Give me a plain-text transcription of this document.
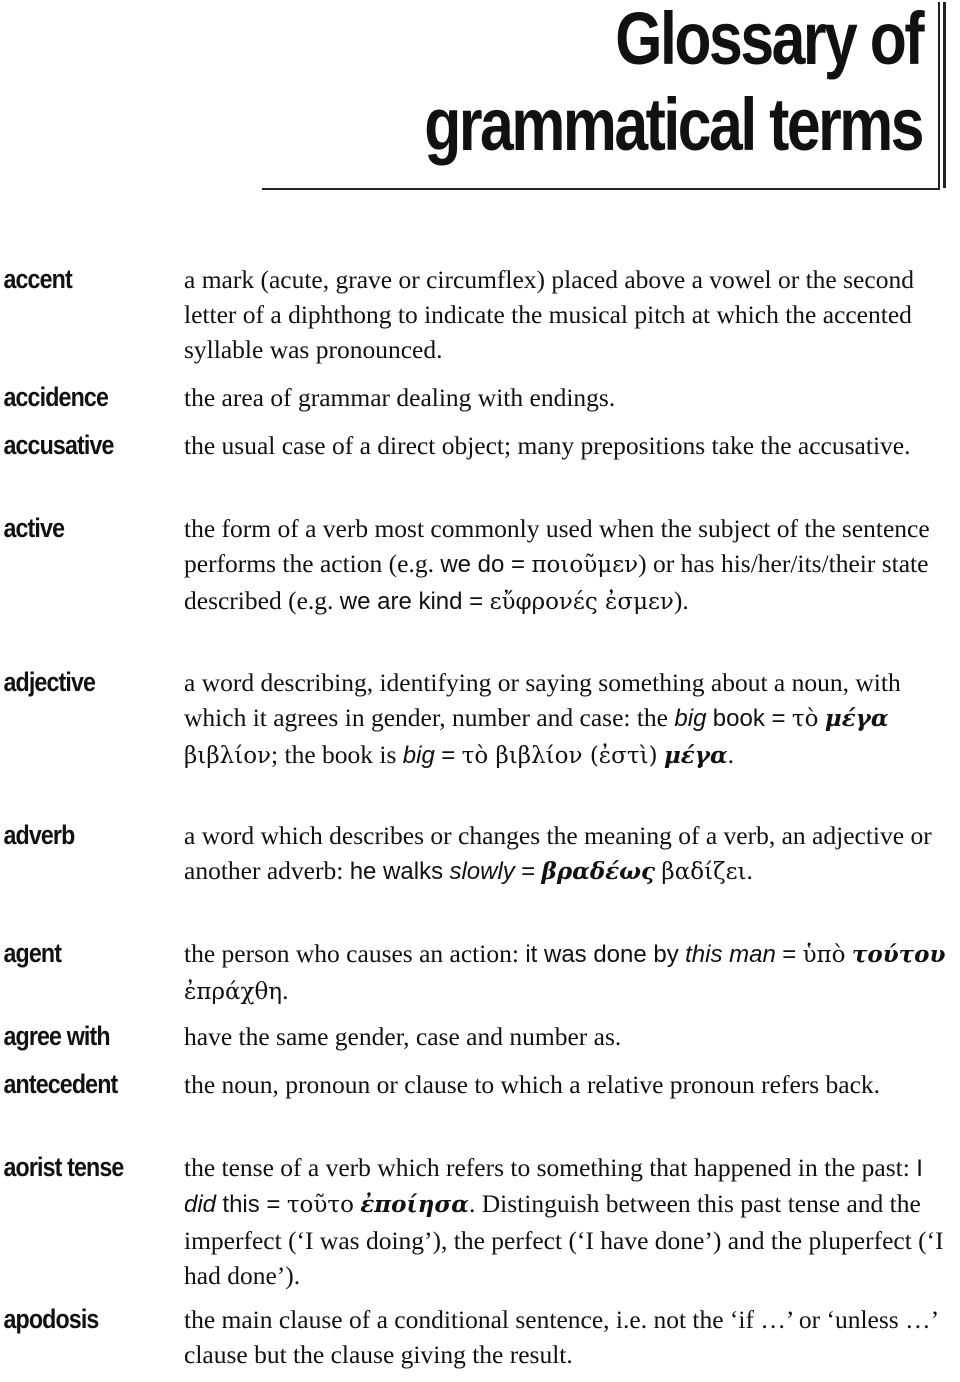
Glossary of
grammatical terms
accent	a mark (acute, grave or circumflex) placed above a vowel or the second letter of a diphthong to indicate the musical pitch at which the accented syllable was pronounced.
accidence	the area of grammar dealing with endings.
accusative	the usual case of a direct object; many prepositions take the accusative.
active	the form of a verb most commonly used when the subject of the sentence performs the action (e.g. we do = ποιοῦμεν) or has his/her/its/their state described (e.g. we are kind = εὔφρονές ἐσμεν).
adjective	a word describing, identifying or saying something about a noun, with which it agrees in gender, number and case: the big book = τὸ μέγα βιβλίον; the book is big = τὸ βιβλίον (ἐστὶ) μέγα.
adverb	a word which describes or changes the meaning of a verb, an adjective or another adverb: he walks slowly = βραδέως βαδίζει.
agent	the person who causes an action: it was done by this man = ὑπὸ τούτου ἐπράχθη.
agree with	have the same gender, case and number as.
antecedent	the noun, pronoun or clause to which a relative pronoun refers back.
aorist tense	the tense of a verb which refers to something that happened in the past: I did this = τοῦτο ἐποίησα. Distinguish between this past tense and the imperfect (‘I was doing’), the perfect (‘I have done’) and the pluperfect (‘I had done’).
apodosis	the main clause of a conditional sentence, i.e. not the ‘if …’ or ‘unless …’ clause but the clause giving the result.
